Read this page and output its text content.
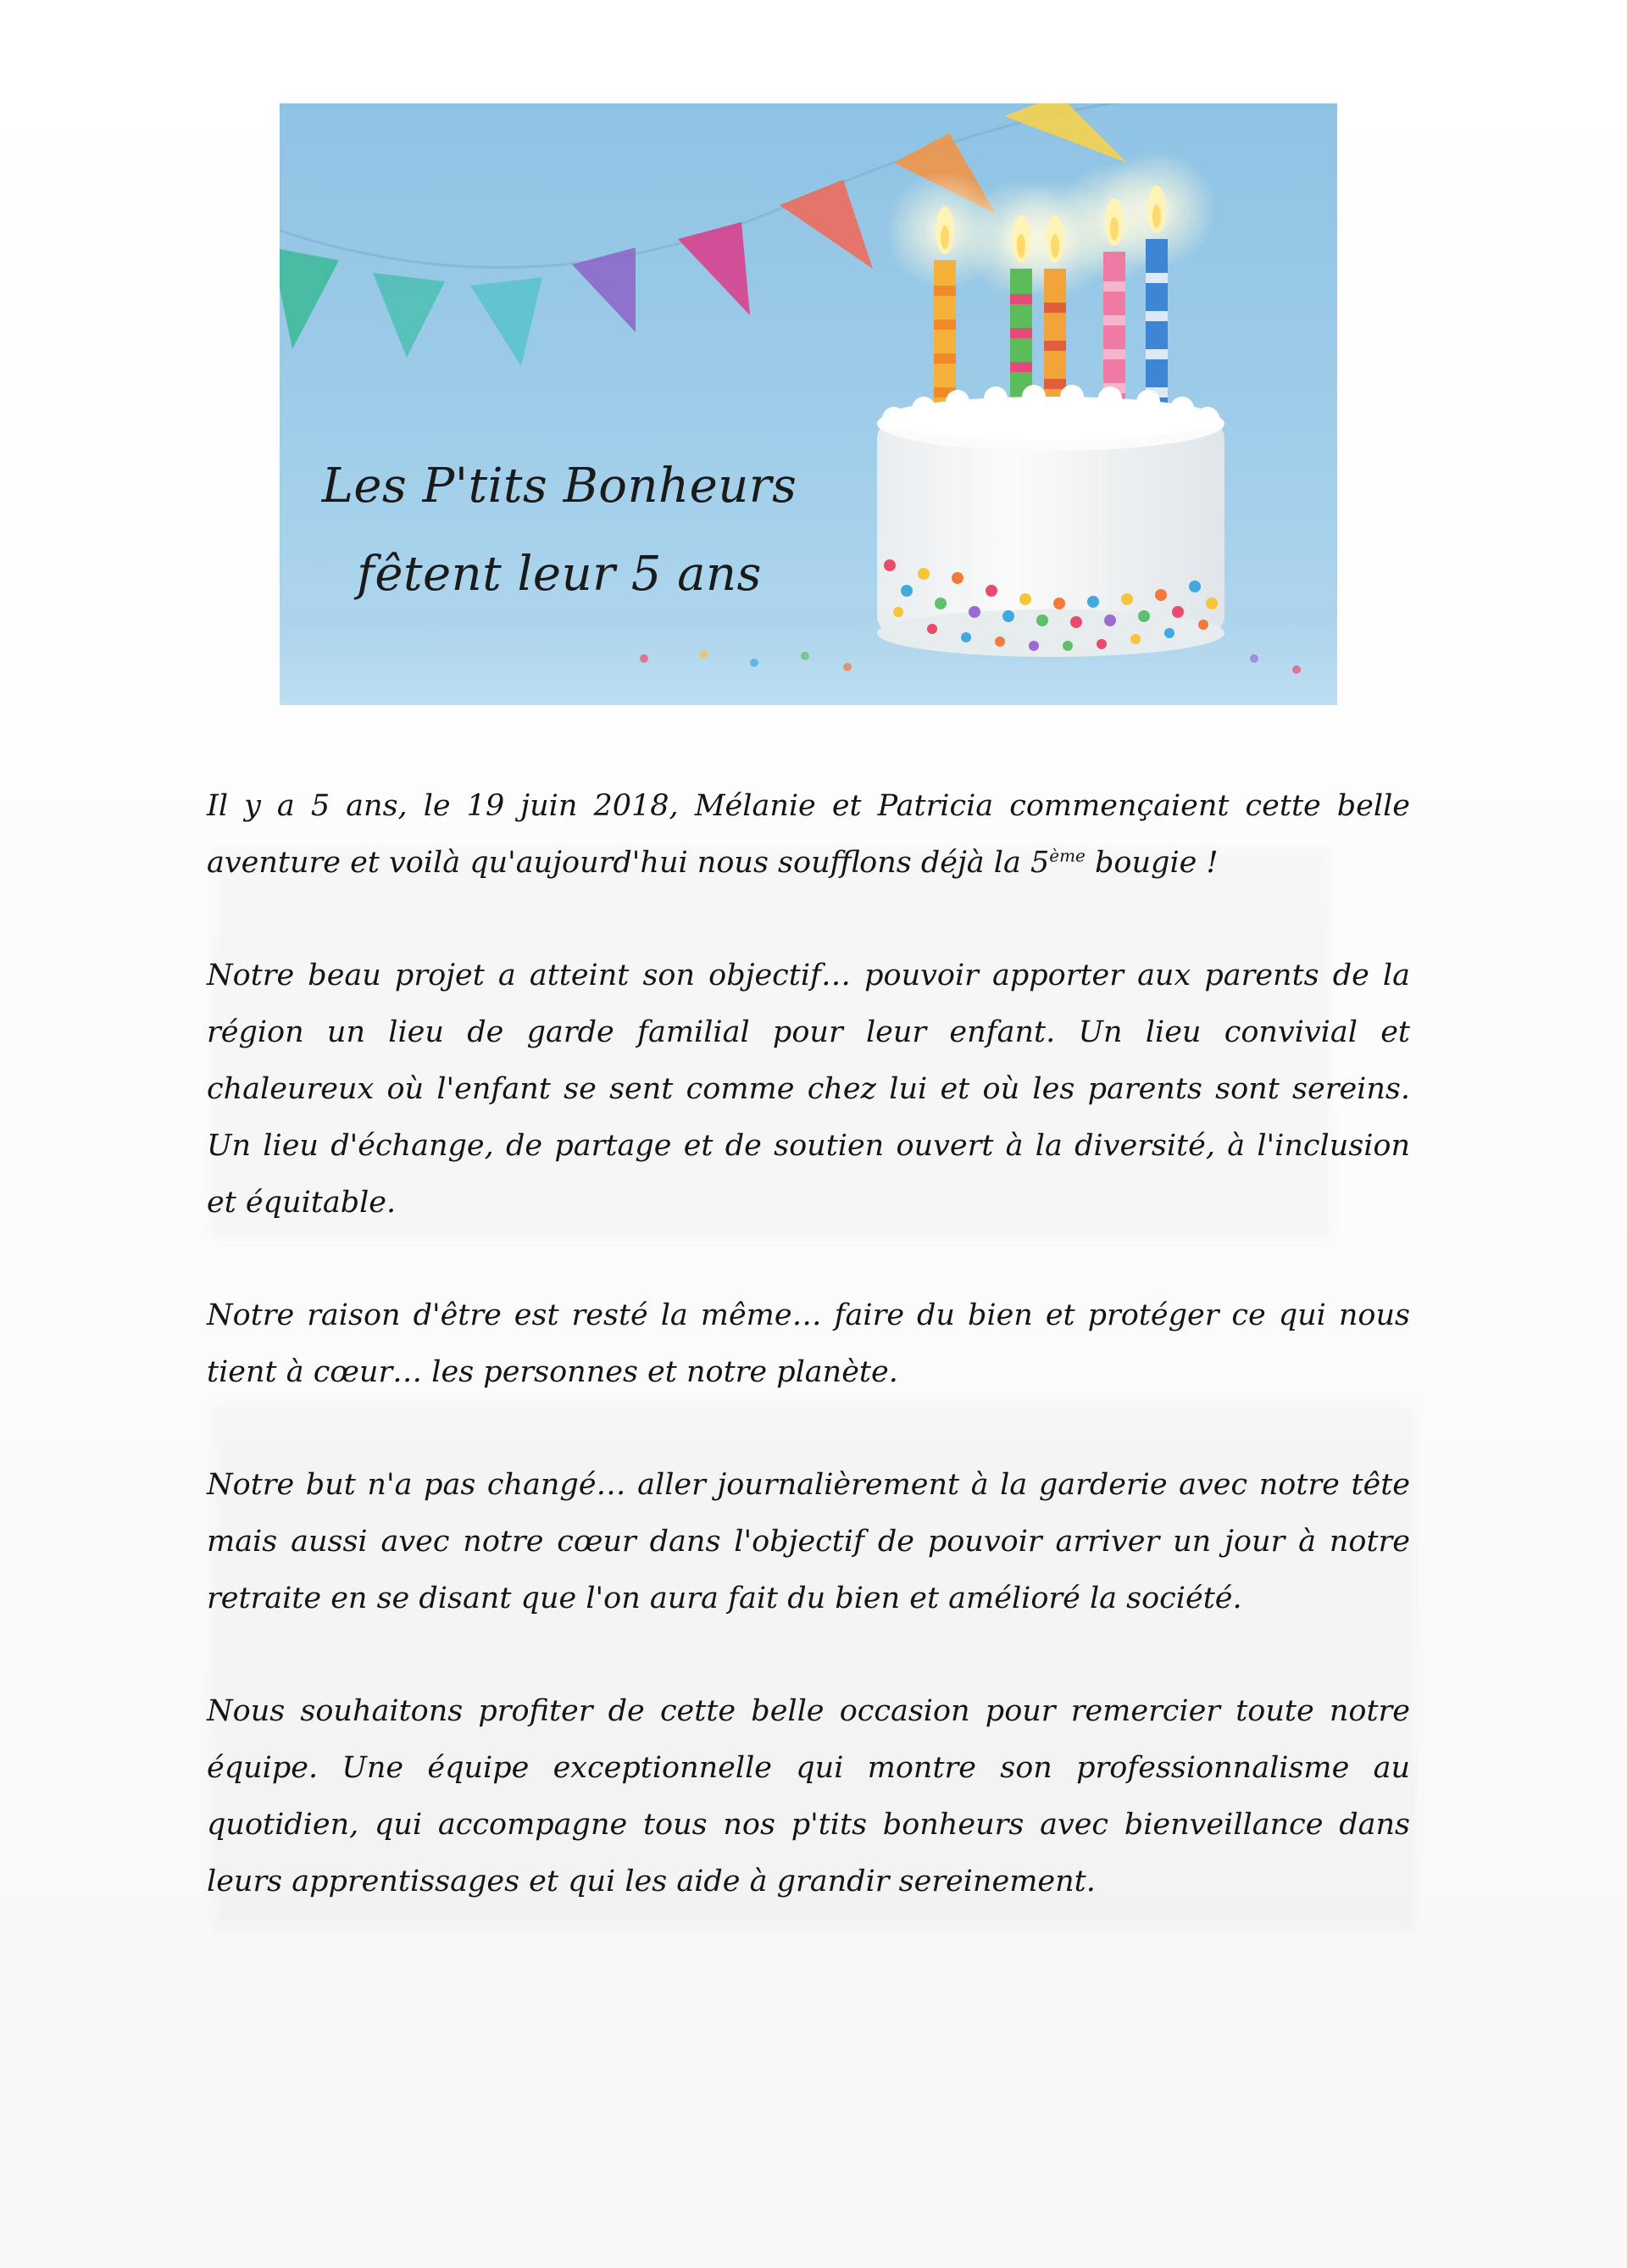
Les P'tits Bonheurs
fêtent leur 5 ans

Il y a 5 ans, le 19 juin 2018, Mélanie et Patricia commençaient cette belle aventure et voilà qu'aujourd'hui nous soufflons déjà la 5ème bougie !

Notre beau projet a atteint son objectif… pouvoir apporter aux parents de la région un lieu de garde familial pour leur enfant. Un lieu convivial et chaleureux où l'enfant se sent comme chez lui et où les parents sont sereins. Un lieu d'échange, de partage et de soutien ouvert à la diversité, à l'inclusion et équitable.

Notre raison d'être est resté la même… faire du bien et protéger ce qui nous tient à cœur… les personnes et notre planète.

Notre but n'a pas changé… aller journalièrement à la garderie avec notre tête mais aussi avec notre cœur dans l'objectif de pouvoir arriver un jour à notre retraite en se disant que l'on aura fait du bien et amélioré la société.

Nous souhaitons profiter de cette belle occasion pour remercier toute notre équipe. Une équipe exceptionnelle qui montre son professionnalisme au quotidien, qui accompagne tous nos p'tits bonheurs avec bienveillance dans leurs apprentissages et qui les aide à grandir sereinement.
